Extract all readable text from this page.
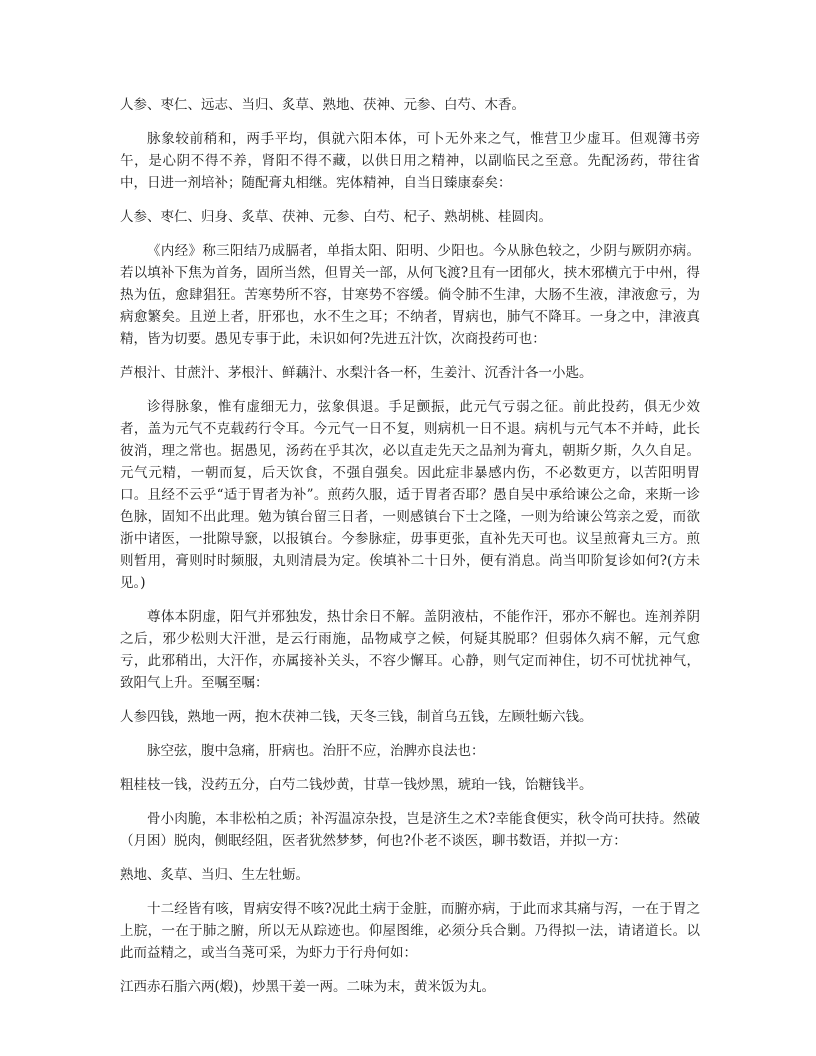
人参、枣仁、远志、当归、炙草、熟地、茯神、元参、白芍、木香。

脉象较前稍和，两手平均，俱就六阳本体，可卜无外来之气，惟营卫少虚耳。但观簿书旁午，是心阴不得不养，肾阳不得不藏，以供日用之精神，以副临民之至意。先配汤药，带往省中，日进一剂培补；随配膏丸相继。宪体精神，自当日臻康泰矣：

人参、枣仁、归身、炙草、茯神、元参、白芍、杞子、熟胡桃、桂圆肉。

《内经》称三阳结乃成膈者，单指太阳、阳明、少阳也。今从脉色较之，少阴与厥阴亦病。若以填补下焦为首务，固所当然，但胃关一部，从何飞渡?且有一团郁火，挟木邪横亢于中州，得热为伍，愈肆猖狂。苦寒势所不容，甘寒势不容缓。倘令肺不生津，大肠不生液，津液愈亏，为病愈繁矣。且逆上者，肝邪也，水不生之耳；不纳者，胃病也，肺气不降耳。一身之中，津液真精，皆为切要。愚见专事于此，未识如何?先进五汁饮，次商投药可也：

芦根汁、甘蔗汁、茅根汁、鲜藕汁、水梨汁各一杯，生姜汁、沉香汁各一小匙。

诊得脉象，惟有虚细无力，弦象俱退。手足颤振，此元气亏弱之征。前此投药，俱无少效者，盖为元气不克载药行令耳。今元气一日不复，则病机一日不退。病机与元气本不并峙，此长彼消，理之常也。据愚见，汤药在乎其次，必以直走先天之品剂为膏丸，朝斯夕斯，久久自足。元气元精，一朝而复，后天饮食，不强自强矣。因此症非暴感内伤，不必数更方，以苦阳明胃口。且经不云乎“适于胃者为补”。煎药久服，适于胃者否耶？愚自吴中承给谏公之命，来斯一诊色脉，固知不出此理。勉为镇台留三日者，一则感镇台下士之隆，一则为给谏公笃亲之爱，而欲浙中诸医，一批隙导窾，以报镇台。今参脉症，毋事更张，直补先天可也。议呈煎膏丸三方。煎则暂用，膏则时时频服，丸则清晨为定。俟填补二十日外，便有消息。尚当叩阶复诊如何?(方未见。)

尊体本阴虚，阳气并邪独发，热廿余日不解。盖阴液枯，不能作汗，邪亦不解也。连剂养阴之后，邪少松则大汗泄，是云行雨施，品物咸亨之候，何疑其脱耶？但弱体久病不解，元气愈亏，此邪稍出，大汗作，亦属接补关头，不容少懈耳。心静，则气定而神住，切不可忧扰神气，致阳气上升。至嘱至嘱：

人参四钱，熟地一两，抱木茯神二钱，天冬三钱，制首乌五钱，左顾牡蛎六钱。

脉空弦，腹中急痛，肝病也。治肝不应，治脾亦良法也：

粗桂枝一钱，没药五分，白芍二钱炒黄，甘草一钱炒黑，琥珀一钱，饴糖钱半。

骨小肉脆，本非松柏之质；补泻温凉杂投，岂是济生之术?幸能食便实，秋令尚可扶持。然破（月困）脱肉，侧眠经阻，医者犹然梦梦，何也?仆老不谈医，聊书数语，并拟一方：

熟地、炙草、当归、生左牡蛎。

十二经皆有咳，胃病安得不咳?况此土病于金脏，而腑亦病，于此而求其痛与泻，一在于胃之上脘，一在于肺之腑，所以无从踪迹也。仰屋图维，必须分兵合剿。乃得拟一法，请诸道长。以此而益精之，或当刍荛可采，为虾力于行舟何如：

江西赤石脂六两(煅)，炒黑干姜一两。二味为末，黄米饭为丸。
